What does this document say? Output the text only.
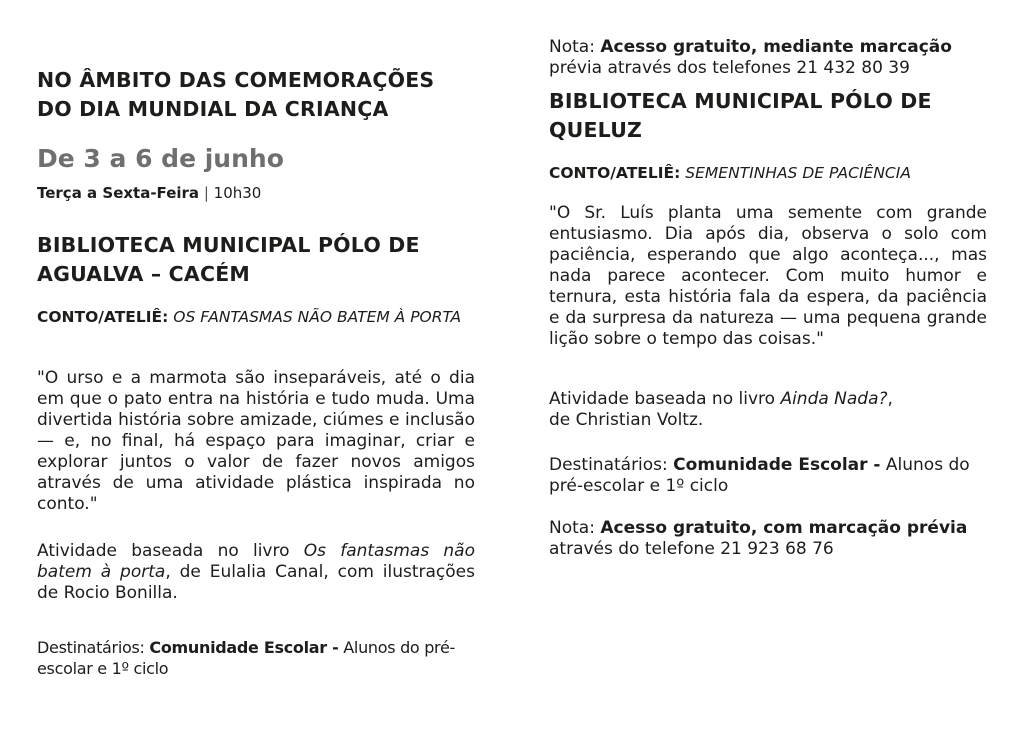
NO ÂMBITO DAS COMEMORAÇÕES
DO DIA MUNDIAL DA CRIANÇA
De 3 a 6 de junho
Terça a Sexta-Feira | 10h30
BIBLIOTECA MUNICIPAL PÓLO DE
AGUALVA – CACÉM
CONTO/ATELIÊ: OS FANTASMAS NÃO BATEM À PORTA

"O urso e a marmota são inseparáveis, até o dia em que o pato entra na história e tudo muda. Uma divertida história sobre amizade, ciúmes e inclusão — e, no final, há espaço para imaginar, criar e explorar juntos o valor de fazer novos amigos através de uma atividade plástica inspirada no conto."

Atividade baseada no livro Os fantasmas não batem à porta, de Eulalia Canal, com ilustrações de Rocio Bonilla.

Destinatários: Comunidade Escolar - Alunos do pré-escolar e 1º ciclo

Nota: Acesso gratuito, mediante marcação
prévia através dos telefones 21 432 80 39

BIBLIOTECA MUNICIPAL PÓLO DE
QUELUZ
CONTO/ATELIÊ: SEMENTINHAS DE PACIÊNCIA

"O Sr. Luís planta uma semente com grande entusiasmo. Dia após dia, observa o solo com paciência, esperando que algo aconteça..., mas nada parece acontecer. Com muito humor e ternura, esta história fala da espera, da paciência e da surpresa da natureza — uma pequena grande lição sobre o tempo das coisas."

Atividade baseada no livro Ainda Nada?,
de Christian Voltz.

Destinatários: Comunidade Escolar - Alunos do pré-escolar e 1º ciclo

Nota: Acesso gratuito, com marcação prévia
através do telefone 21 923 68 76
